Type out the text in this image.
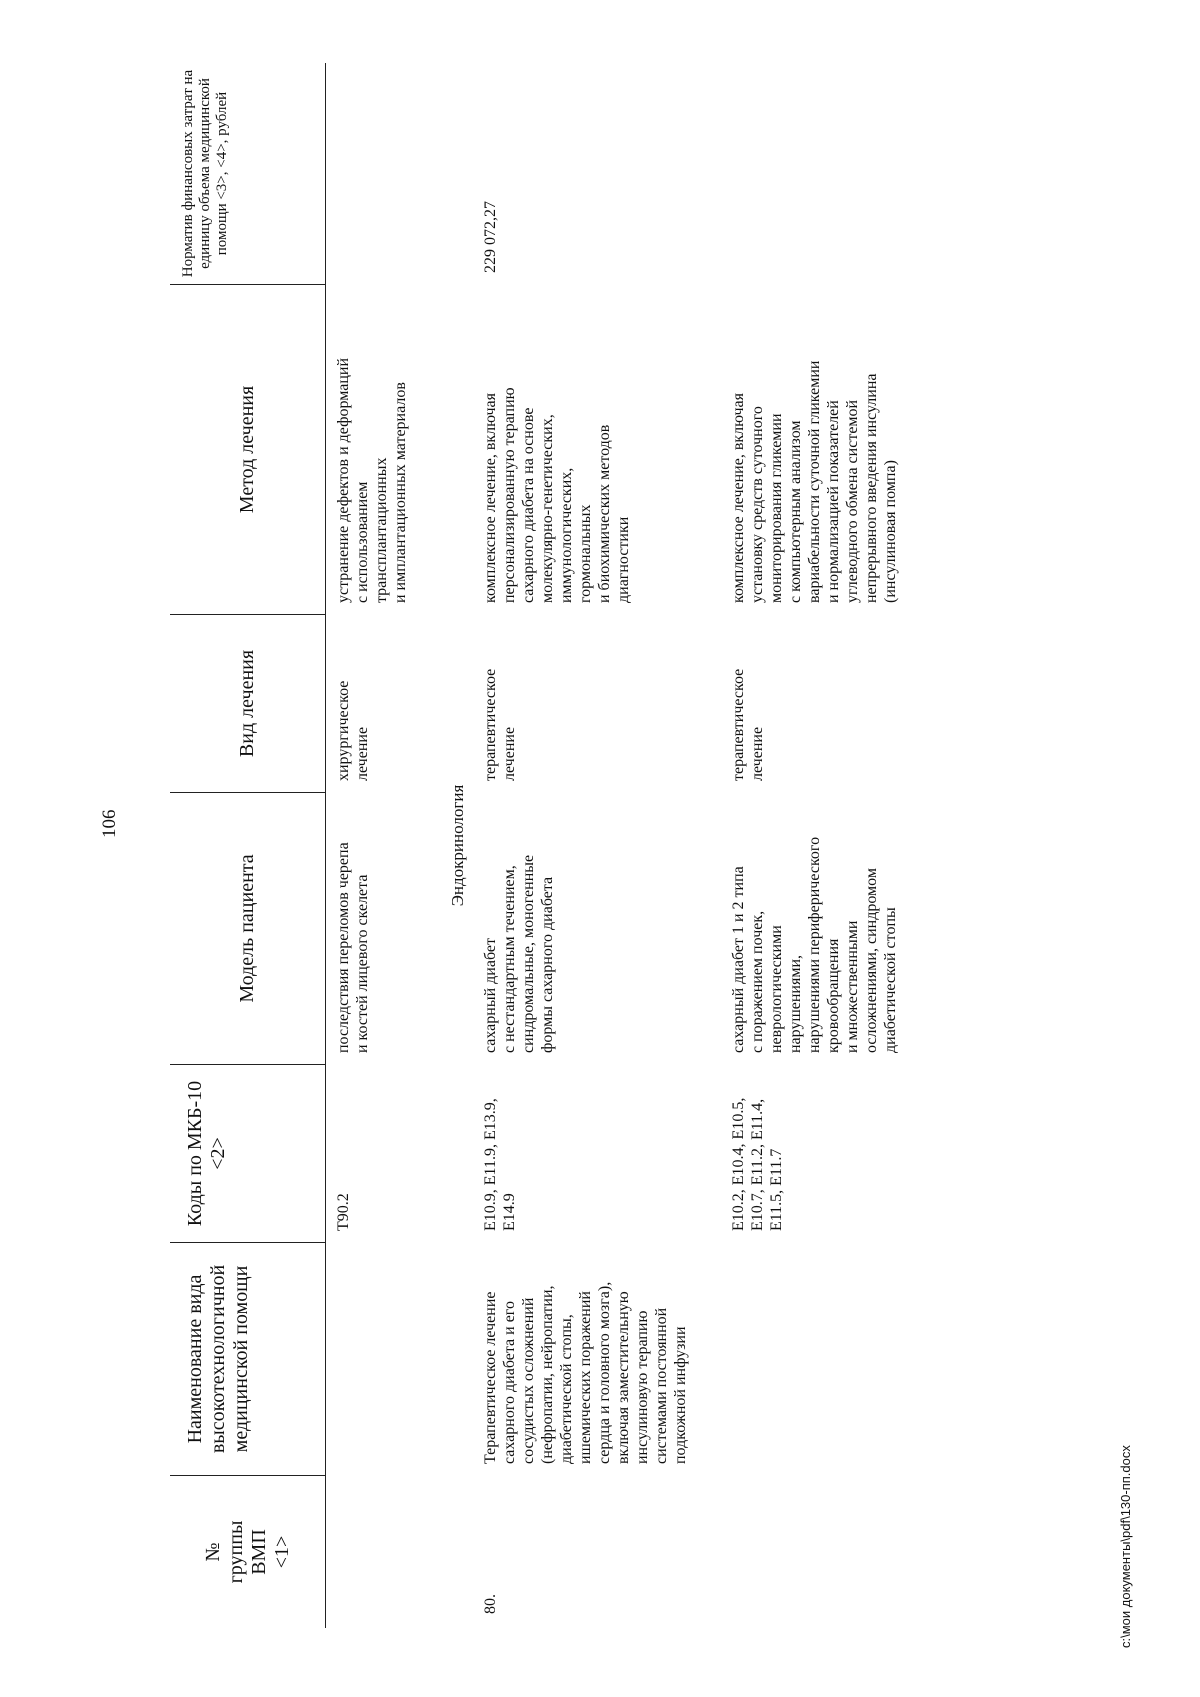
106
№
группы
ВМП
<1>
Наименование вида
высокотехнологичной
медицинской помощи
Коды по МКБ-10
<2>
Модель пациента
Вид лечения
Метод лечения
Норматив финансовых затрат на единицу объема медицинской помощи <3>, <4>, рублей
T90.2
последствия переломов черепа
и костей лицевого скелета
хирургическое
лечение
устранение дефектов и деформаций
с использованием
трансплантационных
и имплантационных материалов
80.
Терапевтическое лечение
сахарного диабета и его
сосудистых осложнений
(нефропатии, нейропатии,
диабетической стопы,
ишемических поражений
сердца и головного мозга),
включая заместительную
инсулиновую терапию
системами постоянной
подкожной инфузии
E10.9, E11.9, E13.9,
E14.9
сахарный диабет
с нестандартным течением,
синдромальные, моногенные
формы сахарного диабета
терапевтическое
лечение
комплексное лечение, включая
персонализированную терапию
сахарного диабета на основе
молекулярно-генетических,
иммунологических,
гормональных
и биохимических методов
диагностики
229 072,27
E10.2, E10.4, E10.5,
E10.7, E11.2, E11.4,
E11.5, E11.7
сахарный диабет 1 и 2 типа
с поражением почек,
неврологическими
нарушениями,
нарушениями периферического
кровообращения
и множественными
осложнениями, синдромом
диабетической стопы
терапевтическое
лечение
комплексное лечение, включая
установку средств суточного
мониторирования гликемии
с компьютерным анализом
вариабельности суточной гликемии
и нормализацией показателей
углеводного обмена системой
непрерывного введения инсулина
(инсулиновая помпа)
Эндокринология
c:\мои документы\pdf\130-пп.docx
